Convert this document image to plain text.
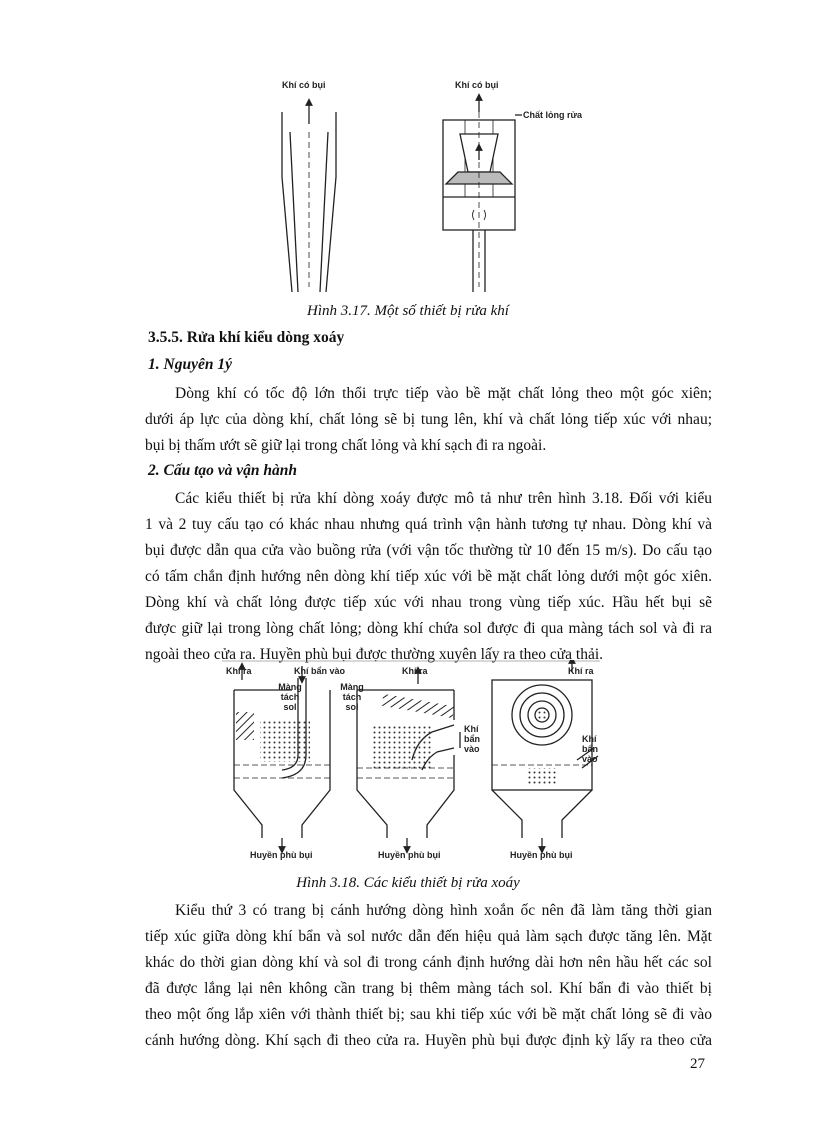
Khí có bụi	Khí có bụi
Chất lỏng rửa
Hình 3.17. Một số thiết bị rửa khí
3.5.5. Rửa khí kiểu dòng xoáy
1. Nguyên 1ý
Dòng khí có tốc độ lớn thổi trực tiếp vào bề mặt chất lỏng theo một góc xiên;
dưới áp lực của dòng khí, chất lỏng sẽ bị tung lên, khí và chất lỏng tiếp xúc với nhau;
bụi bị thấm ướt sẽ giữ lại trong chất lỏng và khí sạch đi ra ngoài.
2. Cấu tạo và vận hành
Các kiểu thiết bị rửa khí dòng xoáy được mô tả như trên hình 3.18. Đối với kiểu
1 và 2 tuy cấu tạo có khác nhau nhưng quá trình vận hành tương tự nhau. Dòng khí và
bụi được dẫn qua cửa vào buồng rửa (với vận tốc thường từ 10 đến 15 m/s). Do cấu tạo
có tấm chắn định hướng nên dòng khí tiếp xúc với bề mặt chất lỏng dưới một góc xiên.
Dòng khí và chất lỏng được tiếp xúc với nhau trong vùng tiếp xúc. Hầu hết bụi sẽ
được giữ lại trong lòng chất lỏng; dòng khí chứa sol được đi qua màng tách sol và đi ra
ngoài theo cửa ra. Huyền phù bụi được thường xuyên lấy ra theo cửa thải.
Khí ra	Khí bẩn vào
Màng tách sol
Màng tách sol
Khí ra
Khí bẩn vào
Khí ra
Khí bẩn vào
Huyền phù bụi	Huyền phù bụi	Huyền phù bụi
Hình 3.18. Các kiểu thiết bị rửa xoáy
Kiểu thứ 3 có trang bị cánh hướng dòng hình xoắn ốc nên đã làm tăng thời gian
tiếp xúc giữa dòng khí bẩn và sol nước dẫn đến hiệu quả làm sạch được tăng lên. Mặt
khác do thời gian dòng khí và sol đi trong cánh định hướng dài hơn nên hầu hết các sol
đã được lắng lại nên không cần trang bị thêm màng tách sol. Khí bẩn đi vào thiết bị
theo một ống lắp xiên với thành thiết bị; sau khi tiếp xúc với bề mặt chất lỏng sẽ đi vào
cánh hướng dòng. Khí sạch đi theo cửa ra. Huyền phù bụi được định kỳ lấy ra theo cửa
27
